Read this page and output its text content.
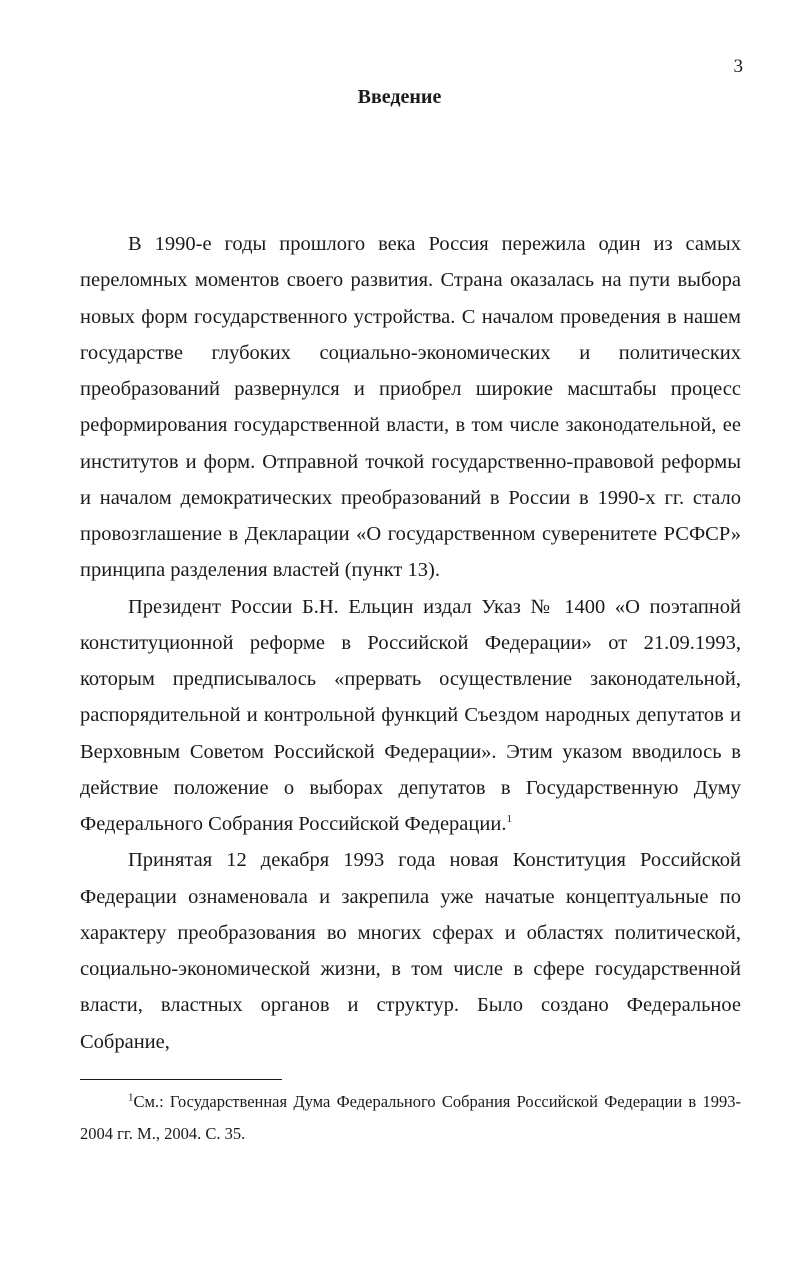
3
Введение

В 1990-е годы прошлого века Россия пережила один из самых переломных моментов своего развития. Страна оказалась на пути выбора новых форм государственного устройства. С началом проведения в нашем государстве глубоких социально-экономических и политических преобразований развернулся и приобрел широкие масштабы процесс реформирования государственной власти, в том числе законодательной, ее институтов и форм. Отправной точкой государственно-правовой реформы и началом демократических преобразований в России в 1990-х гг. стало провозглашение в Декларации «О государственном суверенитете РСФСР» принципа разделения властей (пункт 13).

Президент России Б.Н. Ельцин издал Указ № 1400 «О поэтапной конституционной реформе в Российской Федерации» от 21.09.1993, которым предписывалось «прервать осуществление законодательной, распорядительной и контрольной функций Съездом народных депутатов и Верховным Советом Российской Федерации». Этим указом вводилось в действие положение о выборах депутатов в Государственную Думу Федерального Собрания Российской Федерации.$^1$

Принятая 12 декабря 1993 года новая Конституция Российской Федерации ознаменовала и закрепила уже начатые концептуальные по характеру преобразования во многих сферах и областях политической, социально-экономической жизни, в том числе в сфере государственной власти, властных органов и структур. Было создано Федеральное Собрание,

$^1$См.: Государственная Дума Федерального Собрания Российской Федерации в 1993-2004 гг. М., 2004. С. 35.
